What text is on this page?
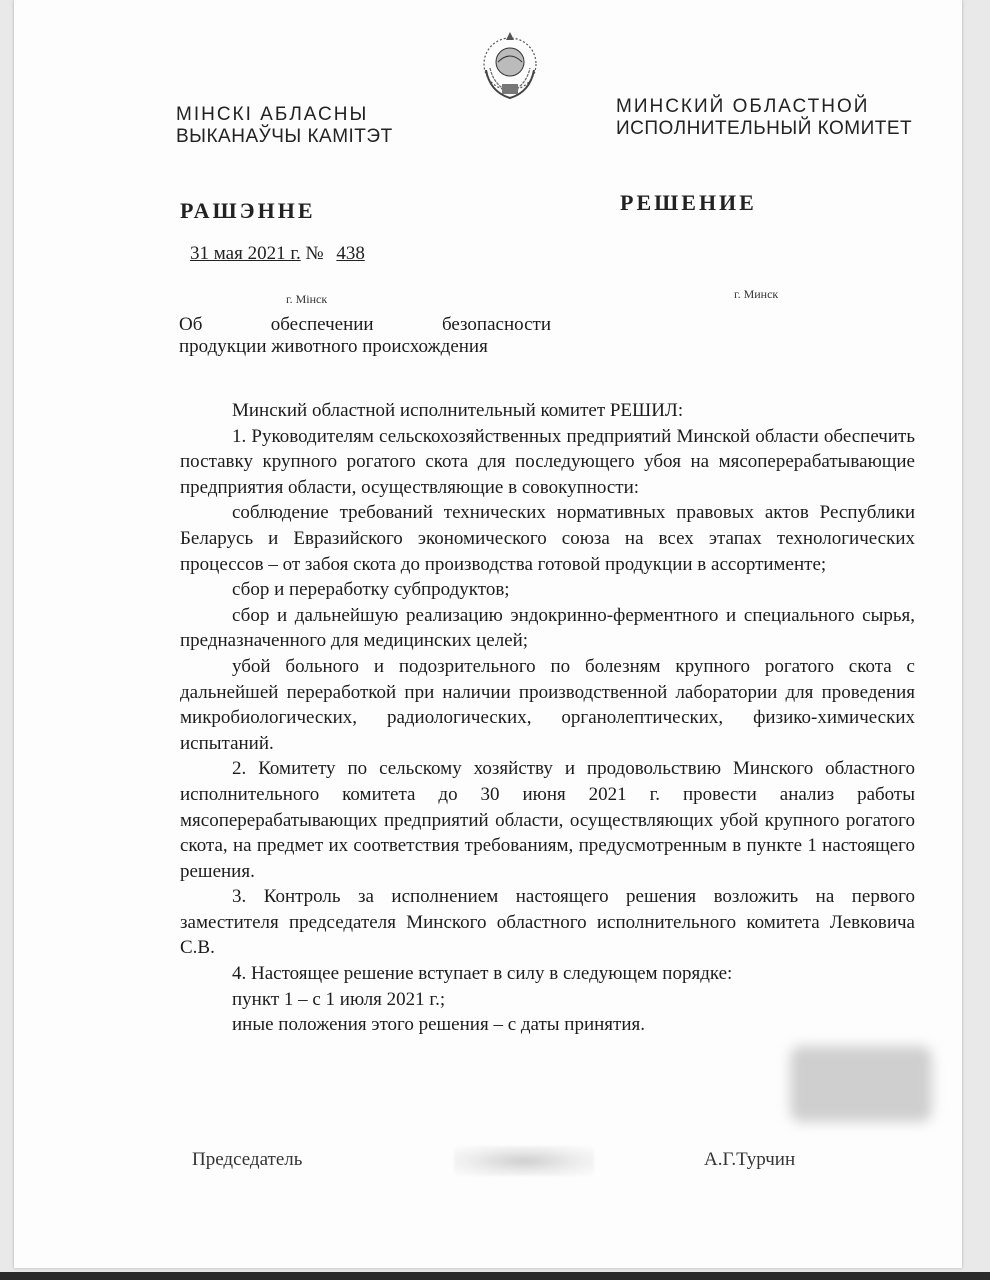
МІНСКІ АБЛАСНЫ
ВЫКАНАЎЧЫ КАМІТЭТ
МИНСКИЙ ОБЛАСТНОЙ
ИСПОЛНИТЕЛЬНЫЙ КОМИТЕТ
РАШЭННЕ	РЕШЕНИЕ
31 мая 2021 г. № 438
г. Мінск	г. Минск
Об	обеспечении	безопасности
продукции животного происхождения

Минский областной исполнительный комитет РЕШИЛ:

1. Руководителям сельскохозяйственных предприятий Минской области обеспечить поставку крупного рогатого скота для последующего убоя на мясоперерабатывающие предприятия области, осуществляющие в совокупности:

соблюдение требований технических нормативных правовых актов Республики Беларусь и Евразийского экономического союза на всех этапах технологических процессов – от забоя скота до производства готовой продукции в ассортименте;

сбор и переработку субпродуктов;

сбор и дальнейшую реализацию эндокринно-ферментного и специального сырья, предназначенного для медицинских целей;

убой больного и подозрительного по болезням крупного рогатого скота с дальнейшей переработкой при наличии производственной лаборатории для проведения микробиологических, радиологических, органолептических, физико-химических испытаний.

2. Комитету по сельскому хозяйству и продовольствию Минского областного исполнительного комитета до 30 июня 2021 г. провести анализ работы мясоперерабатывающих предприятий области, осуществляющих убой крупного рогатого скота, на предмет их соответствия требованиям, предусмотренным в пункте 1 настоящего решения.

3. Контроль за исполнением настоящего решения возложить на первого заместителя председателя Минского областного исполнительного комитета Левковича С.В.

4. Настоящее решение вступает в силу в следующем порядке:

пункт 1 – с 1 июля 2021 г.;

иные положения этого решения – с даты принятия.

Председатель	А.Г.Турчин
